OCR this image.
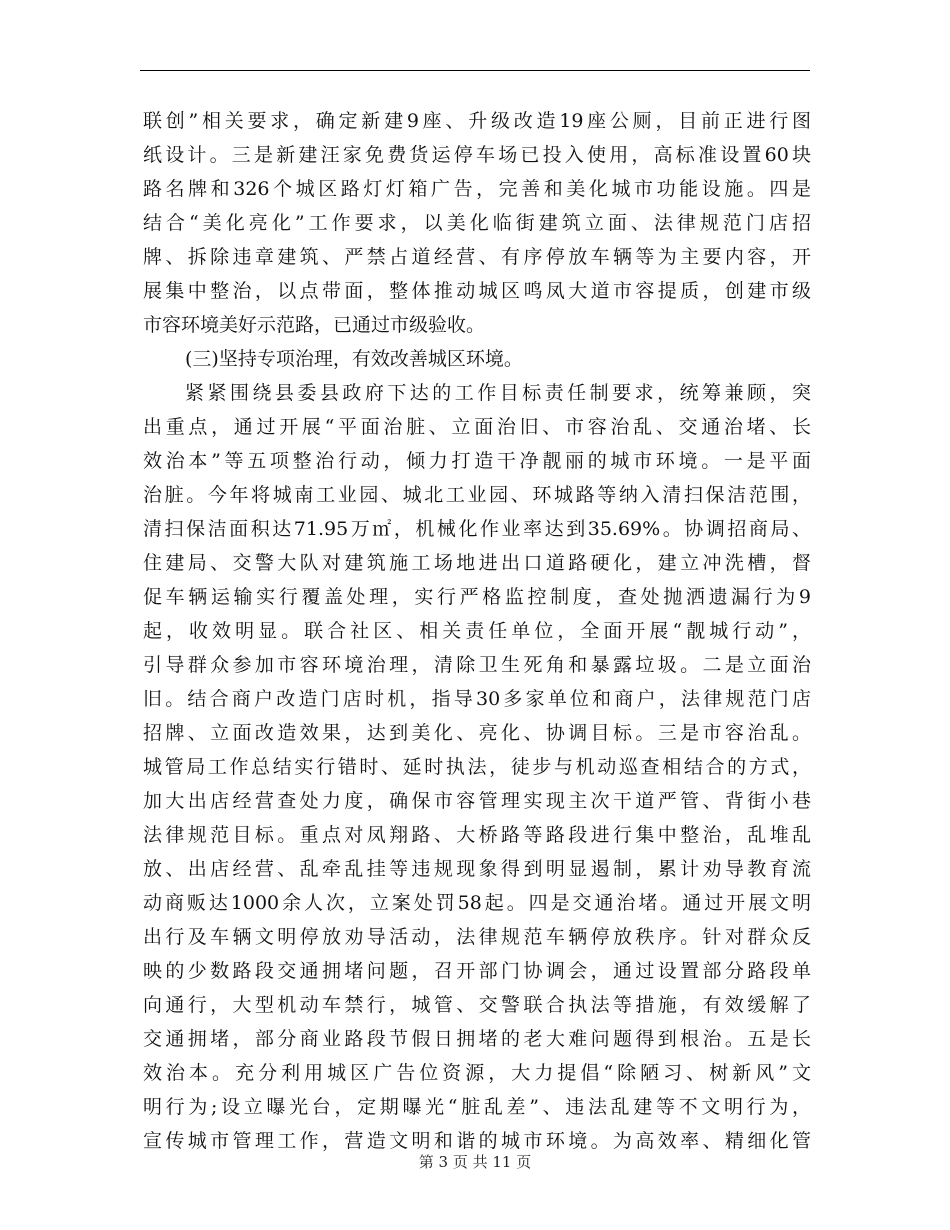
联创”相关要求，确定新建9座、升级改造19座公厕，目前正进行图
纸设计。三是新建汪家免费货运停车场已投入使用，高标准设置60块
路名牌和326个城区路灯灯箱广告，完善和美化城市功能设施。四是
结合“美化亮化”工作要求，以美化临街建筑立面、法律规范门店招
牌、拆除违章建筑、严禁占道经营、有序停放车辆等为主要内容，开
展集中整治，以点带面，整体推动城区鸣凤大道市容提质，创建市级
市容环境美好示范路，已通过市级验收。
(三)坚持专项治理，有效改善城区环境。
紧紧围绕县委县政府下达的工作目标责任制要求，统筹兼顾，突
出重点，通过开展“平面治脏、立面治旧、市容治乱、交通治堵、长
效治本”等五项整治行动，倾力打造干净靓丽的城市环境。一是平面
治脏。今年将城南工业园、城北工业园、环城路等纳入清扫保洁范围，
清扫保洁面积达71.95万㎡，机械化作业率达到35.69%。协调招商局、
住建局、交警大队对建筑施工场地进出口道路硬化，建立冲洗槽，督
促车辆运输实行覆盖处理，实行严格监控制度，查处抛洒遗漏行为9
起，收效明显。联合社区、相关责任单位，全面开展“靓城行动”，
引导群众参加市容环境治理，清除卫生死角和暴露垃圾。二是立面治
旧。结合商户改造门店时机，指导30多家单位和商户，法律规范门店
招牌、立面改造效果，达到美化、亮化、协调目标。三是市容治乱。
城管局工作总结实行错时、延时执法，徒步与机动巡查相结合的方式，
加大出店经营查处力度，确保市容管理实现主次干道严管、背街小巷
法律规范目标。重点对凤翔路、大桥路等路段进行集中整治，乱堆乱
放、出店经营、乱牵乱挂等违规现象得到明显遏制，累计劝导教育流
动商贩达1000余人次，立案处罚58起。四是交通治堵。通过开展文明
出行及车辆文明停放劝导活动，法律规范车辆停放秩序。针对群众反
映的少数路段交通拥堵问题，召开部门协调会，通过设置部分路段单
向通行，大型机动车禁行，城管、交警联合执法等措施，有效缓解了
交通拥堵，部分商业路段节假日拥堵的老大难问题得到根治。五是长
效治本。充分利用城区广告位资源，大力提倡“除陋习、树新风”文
明行为;设立曝光台，定期曝光“脏乱差”、违法乱建等不文明行为，
宣传城市管理工作，营造文明和谐的城市环境。为高效率、精细化管
第 3 页 共 11 页
